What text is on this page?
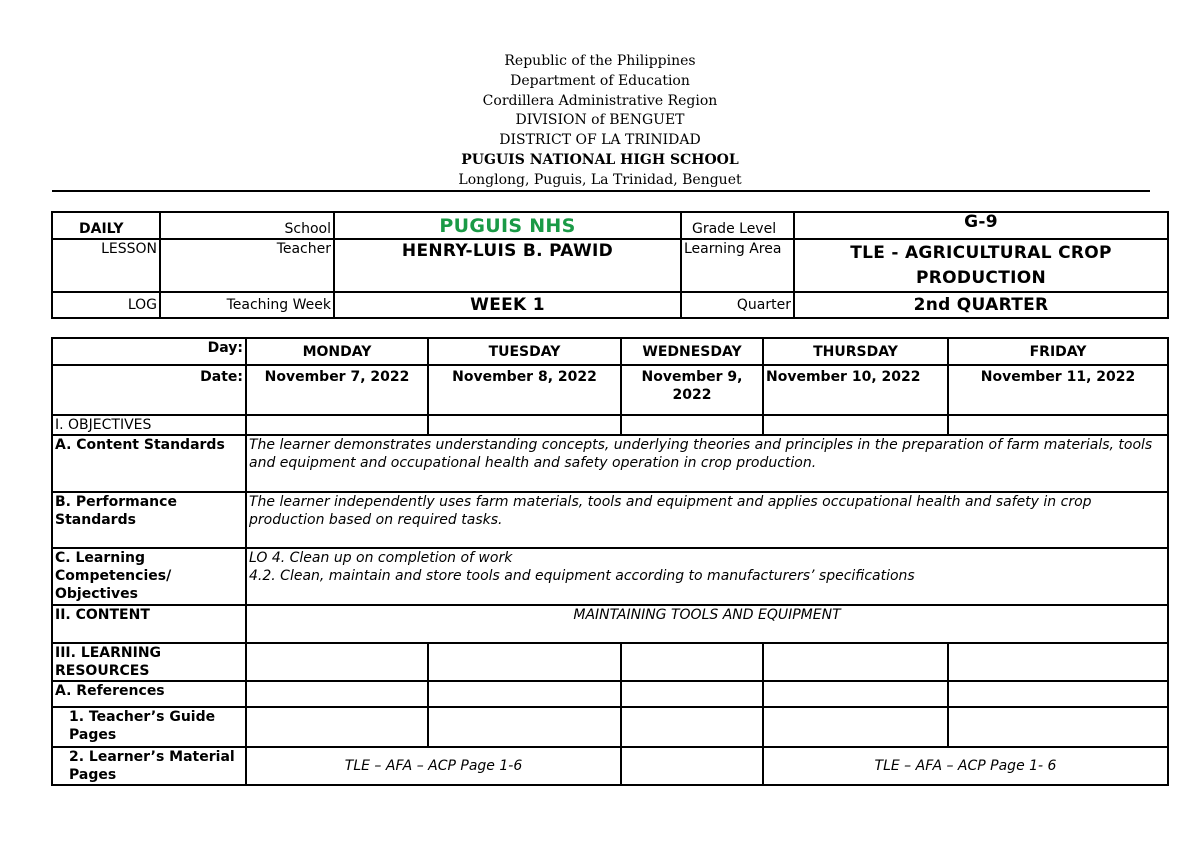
Republic of the Philippines
Department of Education
Cordillera Administrative Region
DIVISION of BENGUET
DISTRICT OF LA TRINIDAD
PUGUIS NATIONAL HIGH SCHOOL
Longlong, Puguis, La Trinidad, Benguet
DAILY	School	PUGUIS NHS	Grade Level	G-9
LESSON	Teacher	HENRY-LUIS B. PAWID	Learning Area	TLE - AGRICULTURAL CROP PRODUCTION
LOG	Teaching Week	WEEK 1	Quarter	2nd QUARTER
Day:	MONDAY	TUESDAY	WEDNESDAY	THURSDAY	FRIDAY
Date:	November 7, 2022	November 8, 2022	November 9, 2022	November 10, 2022	November 11, 2022
I. OBJECTIVES					
A. Content Standards	The learner demonstrates understanding concepts, underlying theories and principles in the preparation of farm materials, tools and equipment and occupational health and safety operation in crop production.				
B. Performance Standards	The learner independently uses farm materials, tools and equipment and applies occupational health and safety in crop production based on required tasks.				
C. Learning Competencies/ Objectives	LO 4. Clean up on completion of work
4.2. Clean, maintain and store tools and equipment according to manufacturers’ specifications				

II. CONTENT	MAINTAINING TOOLS AND EQUIPMENT				
III. LEARNING RESOURCES					
A. References					
1. Teacher’s Guide Pages					
2. Learner’s Material Pages	TLE – AFA – ACP Page 1-6			TLE – AFA – ACP Page 1- 6	
